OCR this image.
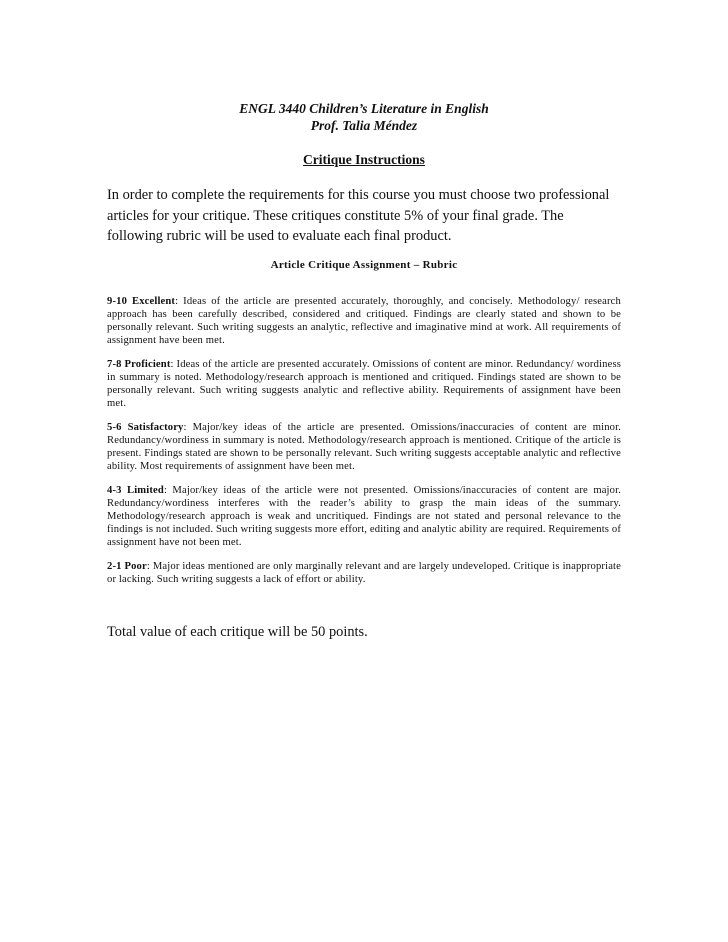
ENGL 3440 Children’s Literature in English

Prof. Talia Méndez

Critique Instructions

In order to complete the requirements for this course you must choose two professional articles for your critique. These critiques constitute 5% of your final grade. The following rubric will be used to evaluate each final product.

Article Critique Assignment – Rubric

9-10 Excellent: Ideas of the article are presented accurately, thoroughly, and concisely. Methodology/ research approach has been carefully described, considered and critiqued. Findings are clearly stated and shown to be personally relevant. Such writing suggests an analytic, reflective and imaginative mind at work. All requirements of assignment have been met.

7-8 Proficient: Ideas of the article are presented accurately. Omissions of content are minor. Redundancy/ wordiness in summary is noted. Methodology/research approach is mentioned and critiqued. Findings stated are shown to be personally relevant. Such writing suggests analytic and reflective ability. Requirements of assignment have been met.

5-6 Satisfactory: Major/key ideas of the article are presented. Omissions/inaccuracies of content are minor. Redundancy/wordiness in summary is noted. Methodology/research approach is mentioned. Critique of the article is present. Findings stated are shown to be personally relevant. Such writing suggests acceptable analytic and reflective ability. Most requirements of assignment have been met.

4-3 Limited: Major/key ideas of the article were not presented. Omissions/inaccuracies of content are major. Redundancy/wordiness interferes with the reader’s ability to grasp the main ideas of the summary. Methodology/research approach is weak and uncritiqued. Findings are not stated and personal relevance to the findings is not included. Such writing suggests more effort, editing and analytic ability are required. Requirements of assignment have not been met.

2-1 Poor: Major ideas mentioned are only marginally relevant and are largely undeveloped. Critique is inappropriate or lacking. Such writing suggests a lack of effort or ability.

Total value of each critique will be 50 points.
